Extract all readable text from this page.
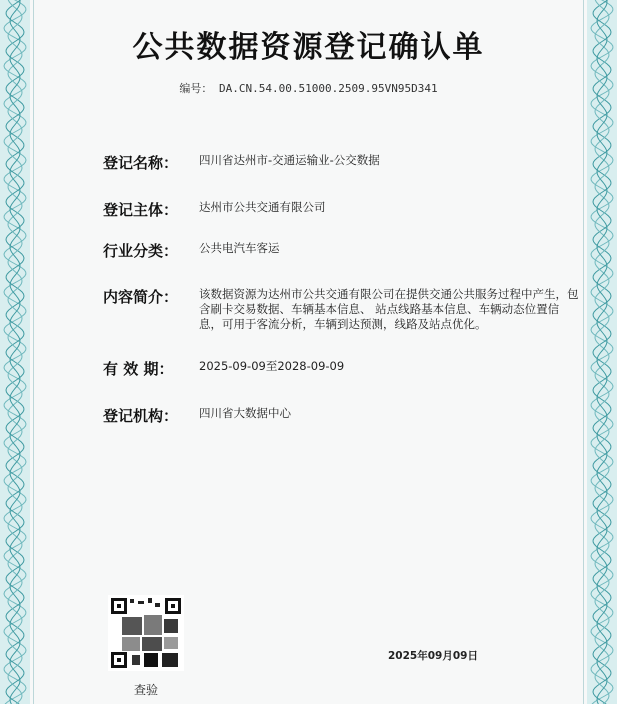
公共数据资源登记确认单
编号： DA.CN.54.00.51000.2509.95VN95D341
登记名称：	四川省达州市-交通运输业-公交数据
登记主体：	达州市公共交通有限公司
行业分类：	公共电汽车客运
内容简介：	该数据资源为达州市公共交通有限公司在提供交通公共服务过程中产生，包含刷卡交易数据、车辆基本信息、 站点线路基本信息、车辆动态位置信息，可用于客流分析，车辆到达预测，线路及站点优化。
有 效 期：	2025-09-09至2028-09-09
登记机构：	四川省大数据中心
查验
2025年09月09日
